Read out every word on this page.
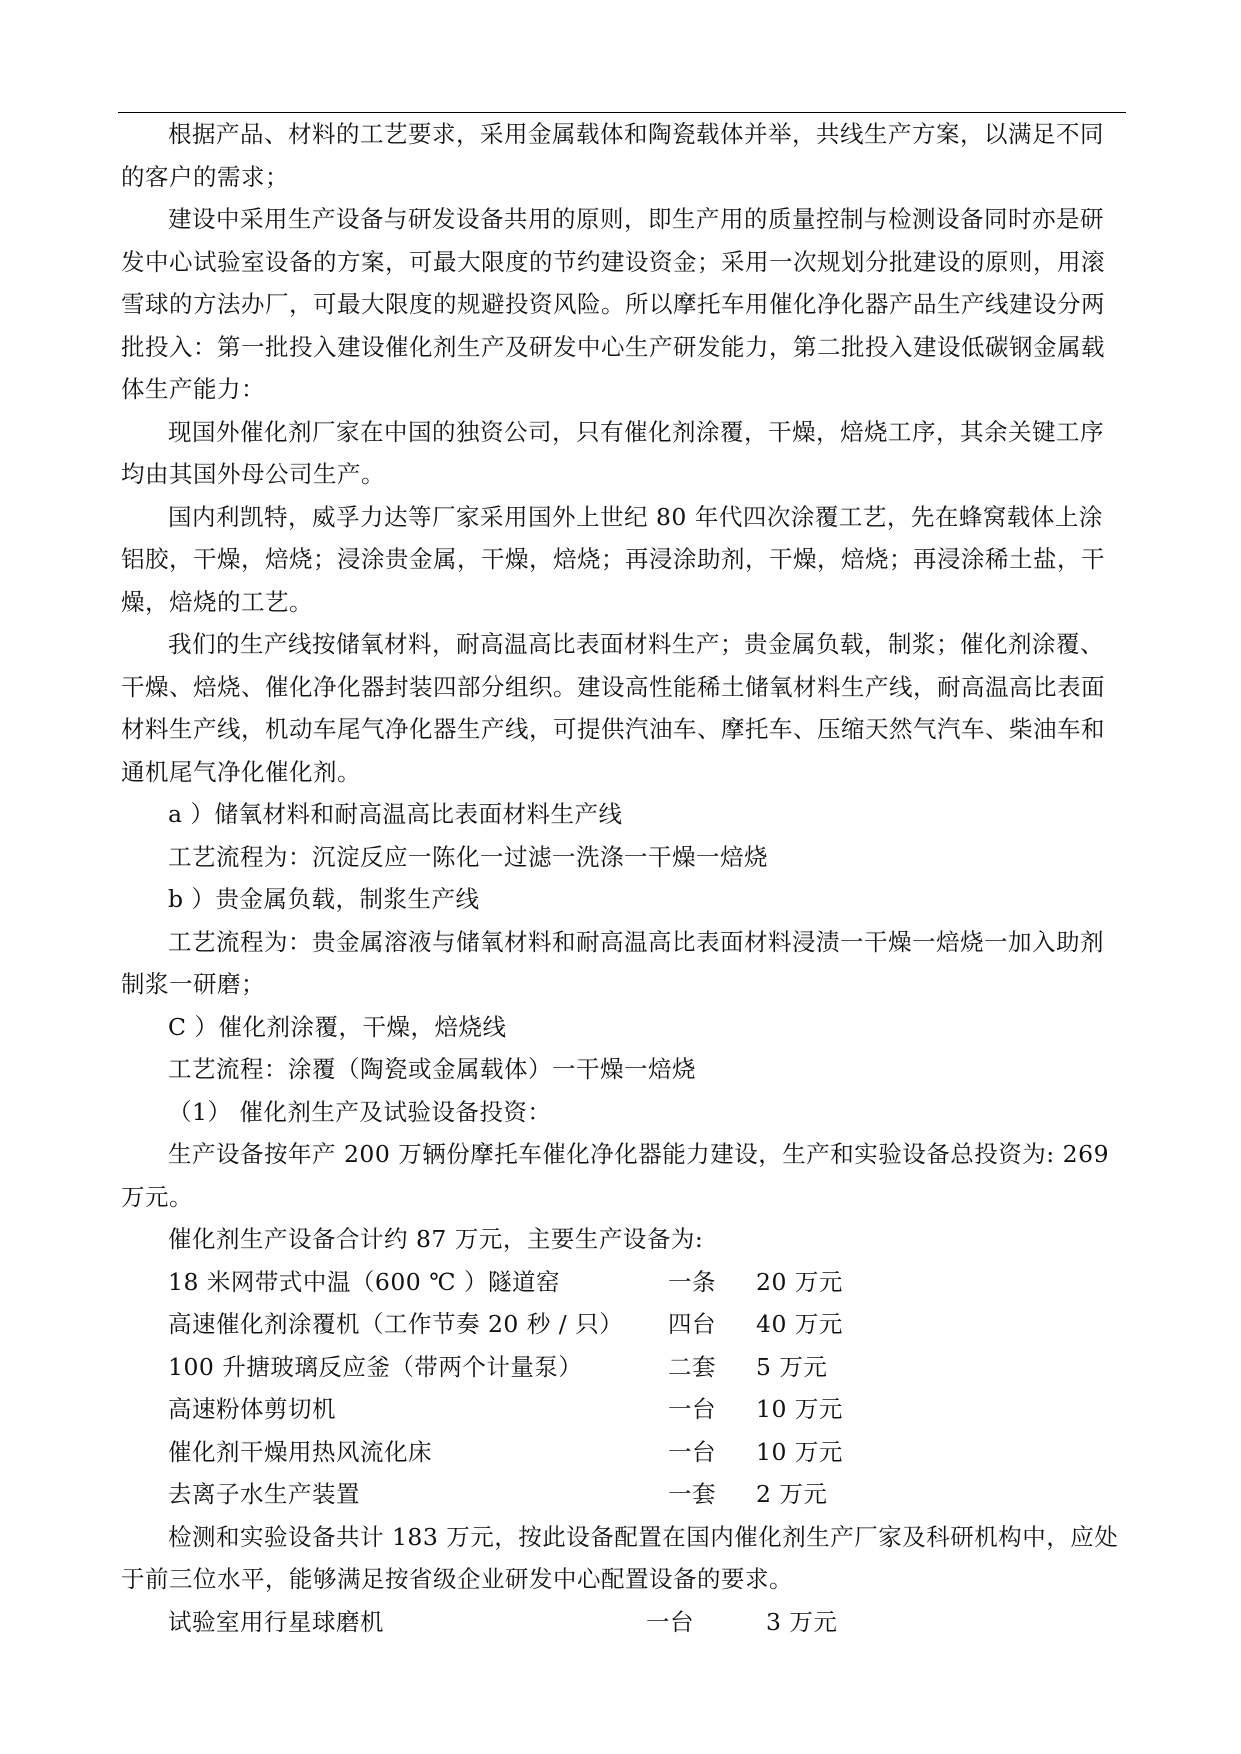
根据产品、材料的工艺要求，采用金属载体和陶瓷载体并举，共线生产方案，以满足不同的客户的需求；

建设中采用生产设备与研发设备共用的原则，即生产用的质量控制与检测设备同时亦是研发中心试验室设备的方案，可最大限度的节约建设资金；采用一次规划分批建设的原则，用滚雪球的方法办厂，可最大限度的规避投资风险。所以摩托车用催化净化器产品生产线建设分两批投入：第一批投入建设催化剂生产及研发中心生产研发能力，第二批投入建设低碳钢金属载体生产能力：

现国外催化剂厂家在中国的独资公司，只有催化剂涂覆，干燥，焙烧工序，其余关键工序均由其国外母公司生产。

国内利凯特，威孚力达等厂家采用国外上世纪 80 年代四次涂覆工艺，先在蜂窝载体上涂铝胶，干燥，焙烧；浸涂贵金属，干燥，焙烧；再浸涂助剂，干燥，焙烧；再浸涂稀土盐，干燥，焙烧的工艺。

我们的生产线按储氧材料，耐高温高比表面材料生产；贵金属负载，制浆；催化剂涂覆、干燥、焙烧、催化净化器封装四部分组织。建设高性能稀土储氧材料生产线，耐高温高比表面材料生产线，机动车尾气净化器生产线，可提供汽油车、摩托车、压缩天然气汽车、柴油车和通机尾气净化催化剂。

a ）储氧材料和耐高温高比表面材料生产线

工艺流程为：沉淀反应一陈化一过滤一洗涤一干燥一焙烧

b ）贵金属负载，制浆生产线

工艺流程为：贵金属溶液与储氧材料和耐高温高比表面材料浸渍一干燥一焙烧一加入助剂制浆一研磨；

C ）催化剂涂覆，干燥，焙烧线

工艺流程：涂覆（陶瓷或金属载体）一干燥一焙烧

（1） 催化剂生产及试验设备投资：

生产设备按年产 200 万辆份摩托车催化净化器能力建设，生产和实验设备总投资为: 269 万元。

催化剂生产设备合计约 87 万元，主要生产设备为:

18 米网带式中温（600 ℃ ）隧道窑	一条	20 万元
高速催化剂涂覆机（工作节奏 20 秒 / 只）	四台	40 万元
100 升搪玻璃反应釜（带两个计量泵）	二套	5 万元
高速粉体剪切机	一台	10 万元
催化剂干燥用热风流化床	一台	10 万元
去离子水生产装置	一套	2 万元

检测和实验设备共计 183 万元，按此设备配置在国内催化剂生产厂家及科研机构中，应处于前三位水平，能够满足按省级企业研发中心配置设备的要求。

试验室用行星球磨机	一台	3 万元
